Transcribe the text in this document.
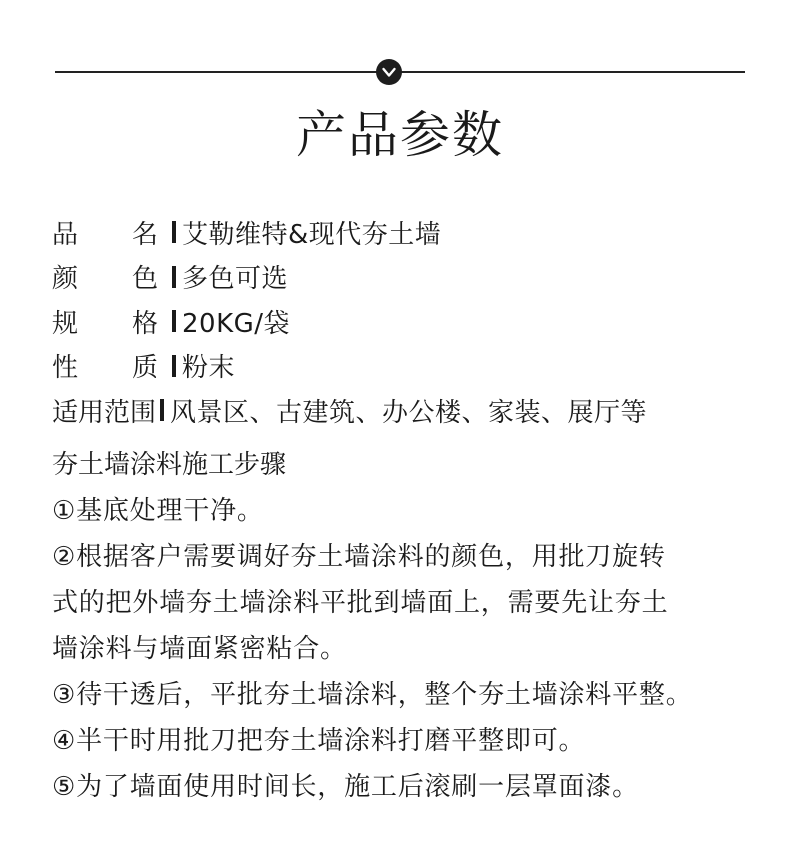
产品参数
品 名 艾勒维特&现代夯土墙
颜 色 多色可选
规 格 20KG/袋
性 质 粉末
适用范围 风景区、古建筑、办公楼、家装、展厅等
夯土墙涂料施工步骤
①基底处理干净。
②根据客户需要调好夯土墙涂料的颜色，用批刀旋转
式的把外墙夯土墙涂料平批到墙面上，需要先让夯土
墙涂料与墙面紧密粘合。
③待干透后，平批夯土墙涂料，整个夯土墙涂料平整。
④半干时用批刀把夯土墙涂料打磨平整即可。
⑤为了墙面使用时间长，施工后滚刷一层罩面漆。
